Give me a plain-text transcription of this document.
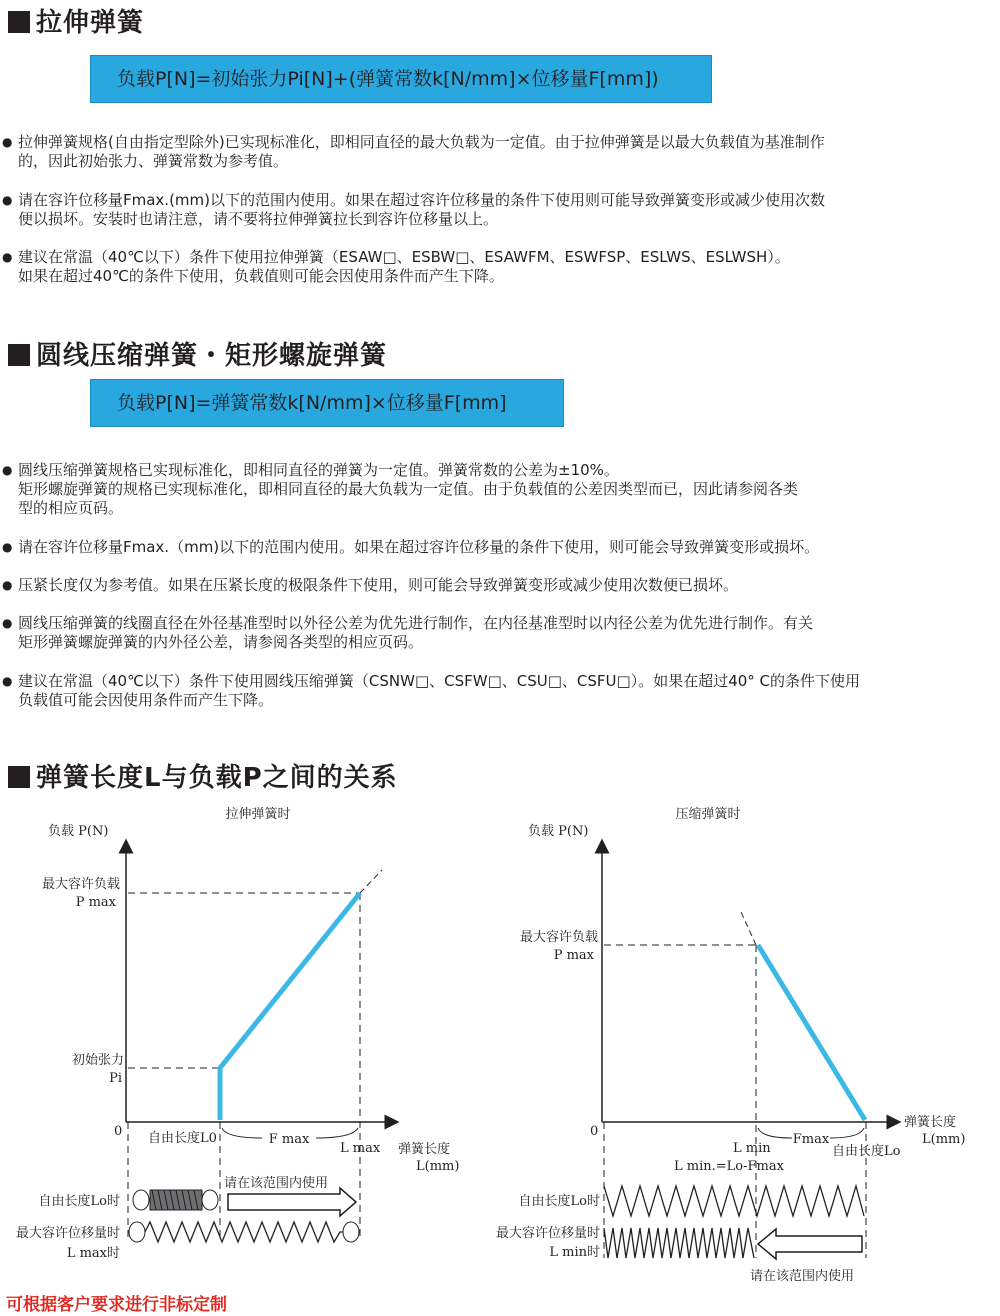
拉伸弹簧
负载P[N]=初始张力Pi[N]+(弹簧常数k[N/mm]×位移量F[mm])
● 拉伸弹簧规格(自由指定型除外)已实现标准化，即相同直径的最大负载为一定值。由于拉伸弹簧是以最大负载值为基准制作
的，因此初始张力、弹簧常数为参考值。
● 请在容许位移量Fmax.(mm)以下的范围内使用。如果在超过容许位移量的条件下使用则可能导致弹簧变形或减少使用次数
便以损坏。安装时也请注意，请不要将拉伸弹簧拉长到容许位移量以上。
● 建议在常温（40℃以下）条件下使用拉伸弹簧（ESAW□、ESBW□、ESAWFM、ESWFSP、ESLWS、ESLWSH）。
如果在超过40℃的条件下使用，负载值则可能会因使用条件而产生下降。
圆线压缩弹簧・矩形螺旋弹簧
负载P[N]=弹簧常数k[N/mm]×位移量F[mm]
● 圆线压缩弹簧规格已实现标准化，即相同直径的弹簧为一定值。弹簧常数的公差为±10%。
矩形螺旋弹簧的规格已实现标准化，即相同直径的最大负载为一定值。由于负载值的公差因类型而已，因此请参阅各类
型的相应页码。
● 请在容许位移量Fmax.（mm)以下的范围内使用。如果在超过容许位移量的条件下使用，则可能会导致弹簧变形或损坏。
● 压紧长度仅为参考值。如果在压紧长度的极限条件下使用，则可能会导致弹簧变形或减少使用次数便已损坏。
● 圆线压缩弹簧的线圈直径在外径基准型时以外径公差为优先进行制作，在内径基准型时以内径公差为优先进行制作。有关
矩形弹簧螺旋弹簧的内外径公差，请参阅各类型的相应页码。
● 建议在常温（40℃以下）条件下使用圆线压缩弹簧（CSNW□、CSFW□、CSU□、CSFU□）。如果在超过40° C的条件下使用
负载值可能会因使用条件而产生下降。
弹簧长度L与负载P之间的关系
拉伸弹簧时
负载 P(N)
0
最大容许负载
P max
初始张力
Pi
自由长度L0	F max
L max 弹簧长度
L(mm)
请在该范围内使用
自由长度Lo时
最大容许位移量时
L max时
压缩弹簧时
负载 P(N)
0
最大容许负载
P max
L min
Fmax
自由长度Lo
L min.=Lo-Fmax
弹簧长度
L(mm)
自由长度Lo时
最大容许位移量时
L min时
请在该范围内使用
可根据客户要求进行非标定制
